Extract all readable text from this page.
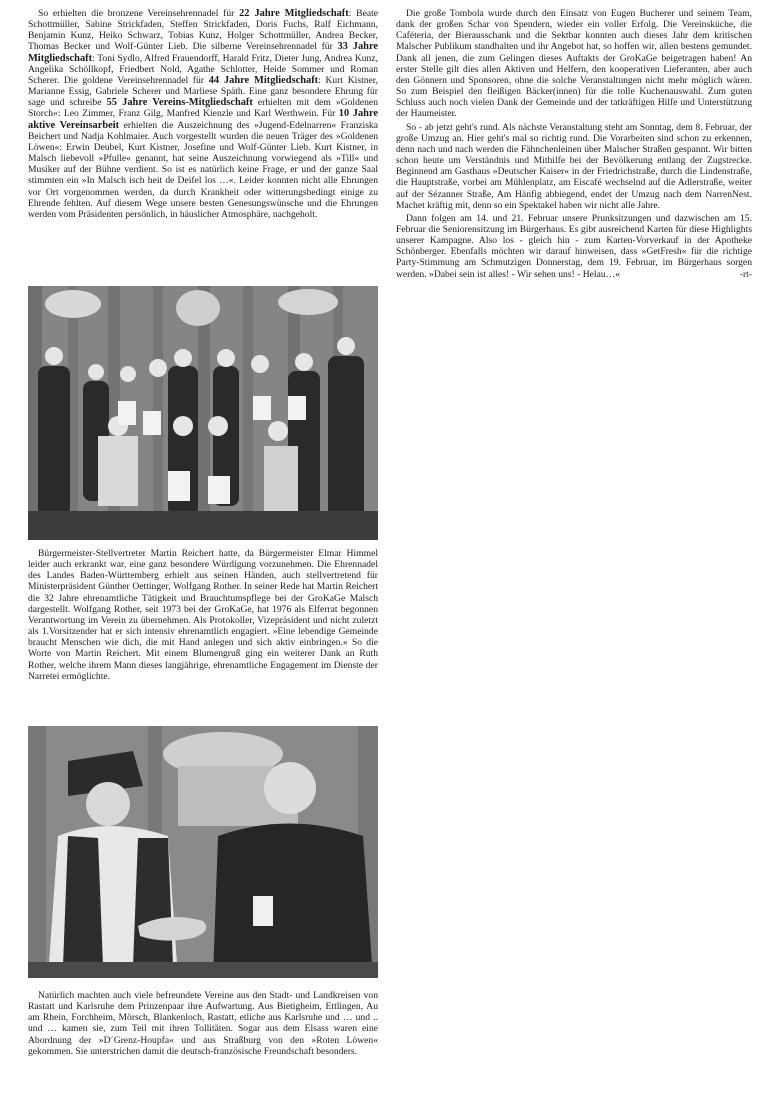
So erhielten die bronzene Vereinsehrennadel für 22 Jahre Mitgliedschaft: Beate Schottmüller, Sabine Strickfaden, Steffen Strickfaden, Doris Fuchs, Ralf Eichmann, Benjamin Kunz, Heiko Schwarz, Tobias Kunz, Holger Schottmüller, Andrea Becker, Thomas Becker und Wolf-Günter Lieb. Die silberne Vereinsehrennadel für 33 Jahre Mitgliedschaft: Toni Sydlo, Alfred Frauendorff, Harald Fritz, Dieter Jung, Andrea Kunz, Angelika Schöllkopf, Friedbert Nold, Agathe Schlotter, Heide Sommer und Roman Scherer. Die goldene Vereinsehrennadel für 44 Jahre Mitgliedschaft: Kurt Kistner, Marianne Essig, Gabriele Scherer und Marliese Späth. Eine ganz besondere Ehrung für sage und schreibe 55 Jahre Vereins-Mitgliedschaft erhielten mit dem »Goldenen Storch«: Leo Zimmer, Franz Gilg, Manfred Kienzle und Karl Werthwein. Für 10 Jahre aktive Vereinsarbeit erhielten die Auszeichnung des »Jugend-Edelnarren« Franziska Beichert und Nadja Kohlmaier. Auch vorgestellt wurden die neuen Träger des »Goldenen Löwen«: Erwin Deubel, Kurt Kistner, Josefine und Wolf-Günter Lieb. Kurt Kistner, in Malsch liebevoll »Pfulle« genannt, hat seine Auszeichnung vorwiegend als »Till« und Musiker auf der Bühne verdient. So ist es natürlich keine Frage, er und der ganze Saal stimmten ein »In Malsch isch heit de Deifel los …«. Leider konnten nicht alle Ehrungen vor Ort vorgenommen werden, da durch Krankheit oder witterungsbedingt einige zu Ehrende fehlten. Auf diesem Wege unsere besten Genesungswünsche und die Ehrungen werden vom Präsidenten persönlich, in häuslicher Atmosphäre, nachgeholt.

Bürgermeister-Stellvertreter Martin Reichert hatte, da Bürgermeister Elmar Himmel leider auch erkrankt war, eine ganz besondere Würdigung vorzunehmen. Die Ehrennadel des Landes Baden-Württemberg erhielt aus seinen Händen, auch stellvertretend für Ministerpräsident Günther Oettinger, Wolfgang Rother. In seiner Rede hat Martin Reichert die 32 Jahre ehrenamtliche Tätigkeit und Brauchtumspflege bei der GroKaGe Malsch dargestellt. Wolfgang Rother, seit 1973 bei der GroKaGe, hat 1976 als Elferrat begonnen Verantwortung im Verein zu übernehmen. Als Protokoller, Vizepräsident und nicht zuletzt als 1.Vorsitzender hat er sich intensiv ehrenamtlich engagiert. »Eine lebendige Gemeinde braucht Menschen wie dich, die mit Hand anlegen und sich aktiv einbringen.« So die Worte von Martin Reichert. Mit einem Blumengruß ging ein weiterer Dank an Ruth Rother, welche ihrem Mann dieses langjährige, ehrenamtliche Engagement im Dienste der Narretei ermöglichte.

Natürlich machten auch viele befreundete Vereine aus den Stadt- und Landkreisen von Rastatt und Karlsruhe dem Prinzenpaar ihre Aufwartung. Aus Bietigheim, Ettlingen, Au am Rhein, Forchheim, Mörsch, Blankenloch, Rastatt, etliche aus Karlsruhe und … und .. und … kamen sie, zum Teil mit ihren Tollitäten. Sogar aus dem Elsass waren eine Abordnung der »D´Grenz-Houpfa« und aus Straßburg von den »Roten Löwen« gekommen. Sie unterstrichen damit die deutsch-französische Freundschaft besonders.

Die große Tombola wurde durch den Einsatz von Eugen Bucherer und seinem Team, dank der großen Schar von Spendern, wieder ein voller Erfolg. Die Vereinsküche, die Caféteria, der Bierausschank und die Sektbar konnten auch dieses Jahr dem kritischen Malscher Publikum standhalten und ihr Angebot hat, so hoffen wir, allen bestens gemundet. Dank all jenen, die zum Gelingen dieses Auftakts der GroKaGe beigetragen haben! An erster Stelle gilt dies allen Aktiven und Helfern, den kooperativen Lieferanten, aber auch den Gönnern und Sponsoren, ohne die solche Veranstaltungen nicht mehr möglich wären. So zum Beispiel den fleißigen Bäcker(innen) für die tolle Kuchenauswahl. Zum guten Schluss auch noch vielen Dank der Gemeinde und der tatkräftigen Hilfe und Unterstützung der Haumeister.

So - ab jetzt geht's rund. Als nächste Veranstaltung steht am Sonntag, dem 8. Februar, der große Umzug an. Hier geht's mal so richtig rund. Die Vorarbeiten sind schon zu erkennen, denn nach und nach werden die Fähnchenleinen über Malscher Straßen gespannt. Wir bitten schon heute um Verständnis und Mithilfe bei der Bevölkerung entlang der Zugstrecke. Beginnend am Gasthaus »Deutscher Kaiser« in der Friedrichstraße, durch die Lindenstraße, die Hauptstraße, vorbei am Mühlenplatz, am Eiscafé wechselnd auf die Adlerstraße, weiter auf der Sézanner Straße, Am Hänfig abbiegend, endet der Umzug nach dem NarrenNest. Machet kräftig mit, denn so ein Spektakel haben wir nicht alle Jahre.

Dann folgen am 14. und 21. Februar unsere Prunksitzungen und dazwischen am 15. Februar die Seniorensitzung im Bürgerhaus. Es gibt ausreichend Karten für diese Highlights unserer Kampagne. Also los - gleich hin - zum Karten-Vorverkauf in der Apotheke Schönberger. Ebenfalls möchten wir darauf hinweisen, dass »GetFresh« für die richtige Party-Stimmung am Schmutzigen Donnerstag, dem 19. Februar, im Bürgerhaus sorgen werden. »Dabei sein ist alles! - Wir sehen uns! - Helau…«	-rt-
